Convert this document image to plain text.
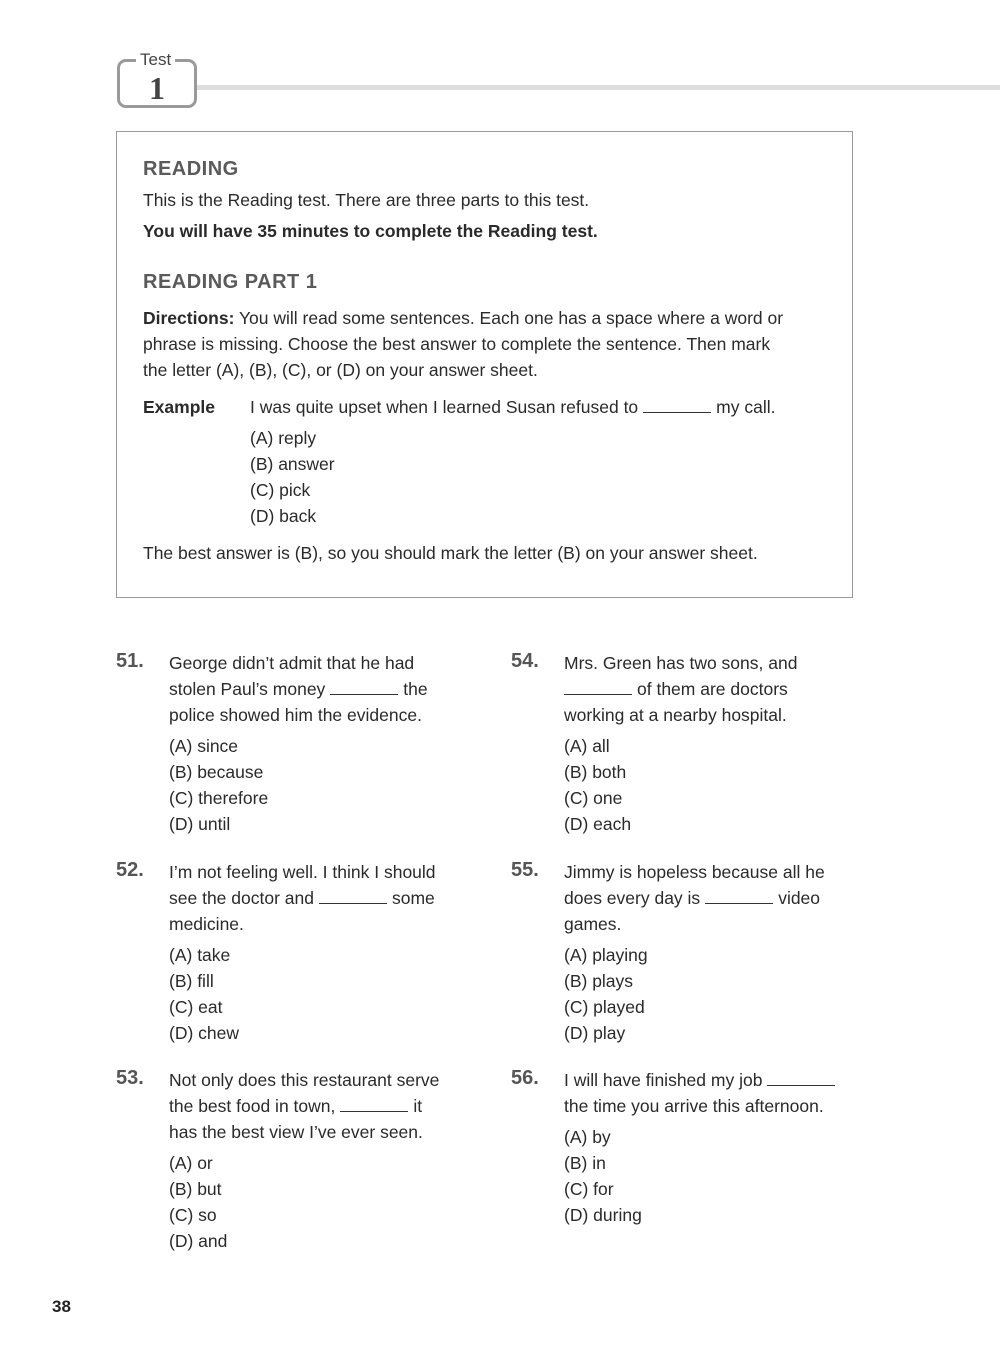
Test
1
READING
This is the Reading test. There are three parts to this test.
You will have 35 minutes to complete the Reading test.
READING PART 1
Directions: You will read some sentences. Each one has a space where a word or
phrase is missing. Choose the best answer to complete the sentence. Then mark
the letter (A), (B), (C), or (D) on your answer sheet.
Example I was quite upset when I learned Susan refused to	my call.
(A) reply
(B) answer
(C) pick
(D) back
The best answer is (B), so you should mark the letter (B) on your answer sheet.
51. George didn’t admit that he had
stolen Paul’s money	the
police showed him the evidence.
(A) since
(B) because
(C) therefore
(D) until
52. I’m not feeling well. I think I should
see the doctor and	some
medicine.
(A) take
(B) fill
(C) eat
(D) chew
53. Not only does this restaurant serve
the best food in town,	it
has the best view I’ve ever seen.
(A) or
(B) but
(C) so
(D) and
54. Mrs. Green has two sons, and
of them are doctors
working at a nearby hospital.
(A) all
(B) both
(C) one
(D) each
55. Jimmy is hopeless because all he
does every day is	video
games.
(A) playing
(B) plays
(C) played
(D) play
56. I will have finished my job
the time you arrive this afternoon.
(A) by
(B) in
(C) for
(D) during
38
